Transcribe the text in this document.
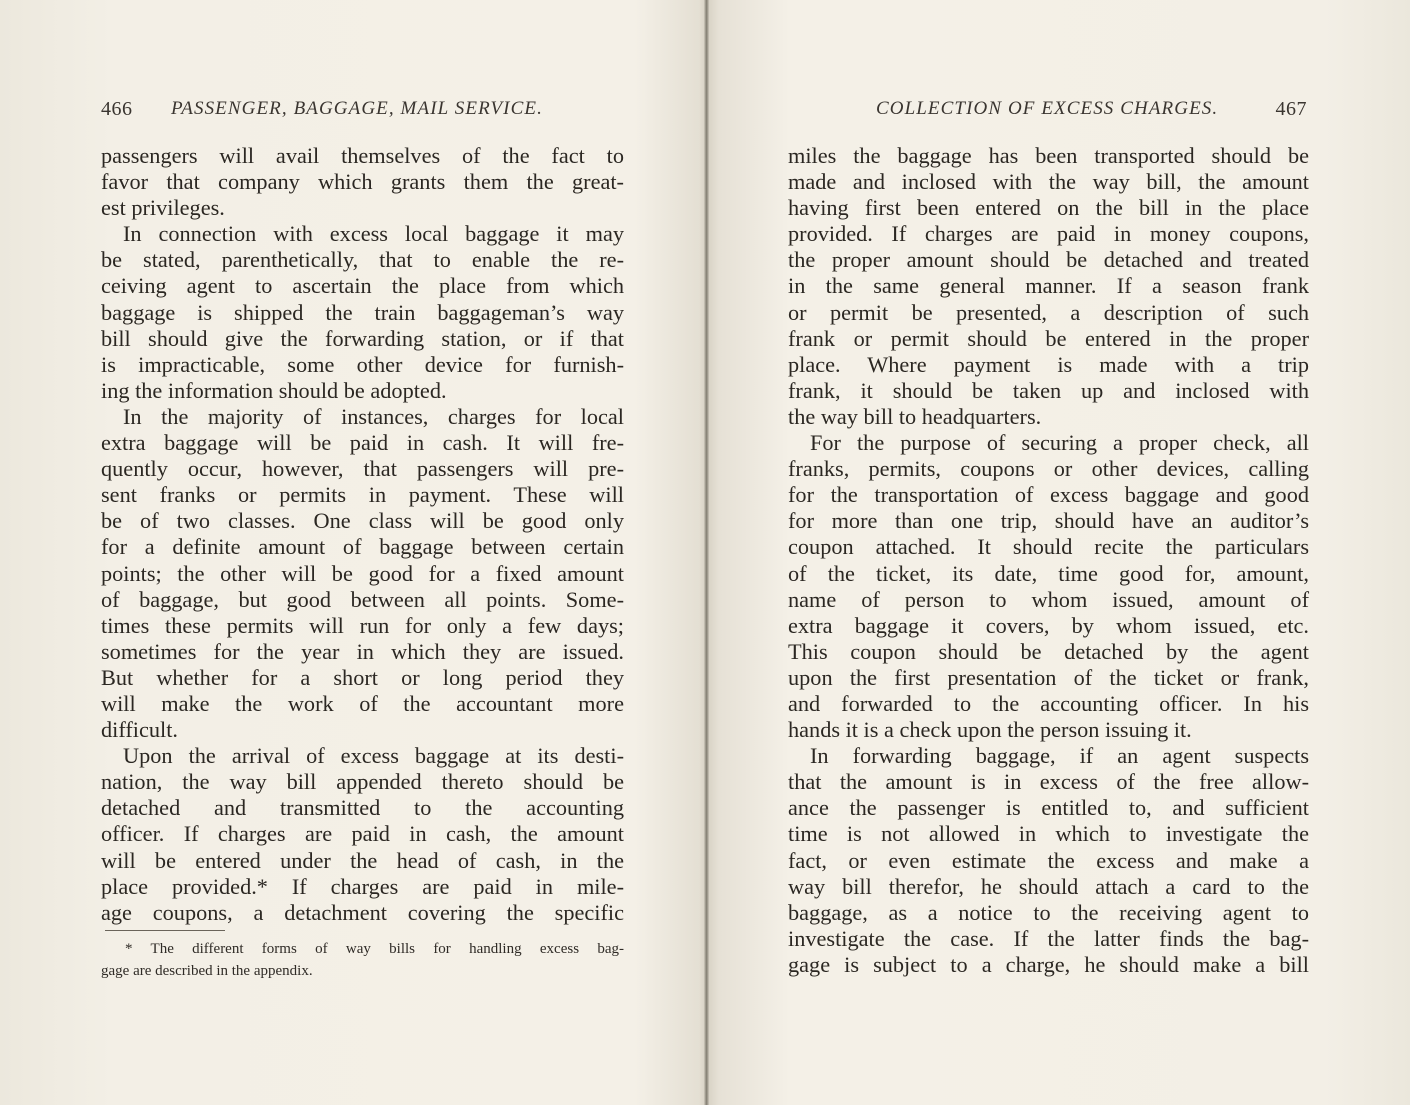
466 PASSENGER, BAGGAGE, MAIL SERVICE.
passengers will avail themselves of the fact to
favor that company which grants them the great-
est privileges.
In connection with excess local baggage it may
be stated, parenthetically, that to enable the re-
ceiving agent to ascertain the place from which
baggage is shipped the train baggageman’s way
bill should give the forwarding station, or if that
is impracticable, some other device for furnish-
ing the information should be adopted.
In the majority of instances, charges for local
extra baggage will be paid in cash. It will fre-
quently occur, however, that passengers will pre-
sent franks or permits in payment. These will
be of two classes. One class will be good only
for a definite amount of baggage between certain
points; the other will be good for a fixed amount
of baggage, but good between all points. Some-
times these permits will run for only a few days;
sometimes for the year in which they are issued.
But whether for a short or long period they
will make the work of the accountant more
difficult.
Upon the arrival of excess baggage at its desti-
nation, the way bill appended thereto should be
detached and transmitted to the accounting
officer. If charges are paid in cash, the amount
will be entered under the head of cash, in the
place provided.* If charges are paid in mile-
age coupons, a detachment covering the specific
* The different forms of way bills for handling excess bag-
gage are described in the appendix.
COLLECTION OF EXCESS CHARGES.	467
miles the baggage has been transported should be
made and inclosed with the way bill, the amount
having first been entered on the bill in the place
provided. If charges are paid in money coupons,
the proper amount should be detached and treated
in the same general manner. If a season frank
or permit be presented, a description of such
frank or permit should be entered in the proper
place. Where payment is made with a trip
frank, it should be taken up and inclosed with
the way bill to headquarters.
For the purpose of securing a proper check, all
franks, permits, coupons or other devices, calling
for the transportation of excess baggage and good
for more than one trip, should have an auditor’s
coupon attached. It should recite the particulars
of the ticket, its date, time good for, amount,
name of person to whom issued, amount of
extra baggage it covers, by whom issued, etc.
This coupon should be detached by the agent
upon the first presentation of the ticket or frank,
and forwarded to the accounting officer. In his
hands it is a check upon the person issuing it.
In forwarding baggage, if an agent suspects
that the amount is in excess of the free allow-
ance the passenger is entitled to, and sufficient
time is not allowed in which to investigate the
fact, or even estimate the excess and make a
way bill therefor, he should attach a card to the
baggage, as a notice to the receiving agent to
investigate the case. If the latter finds the bag-
gage is subject to a charge, he should make a bill
